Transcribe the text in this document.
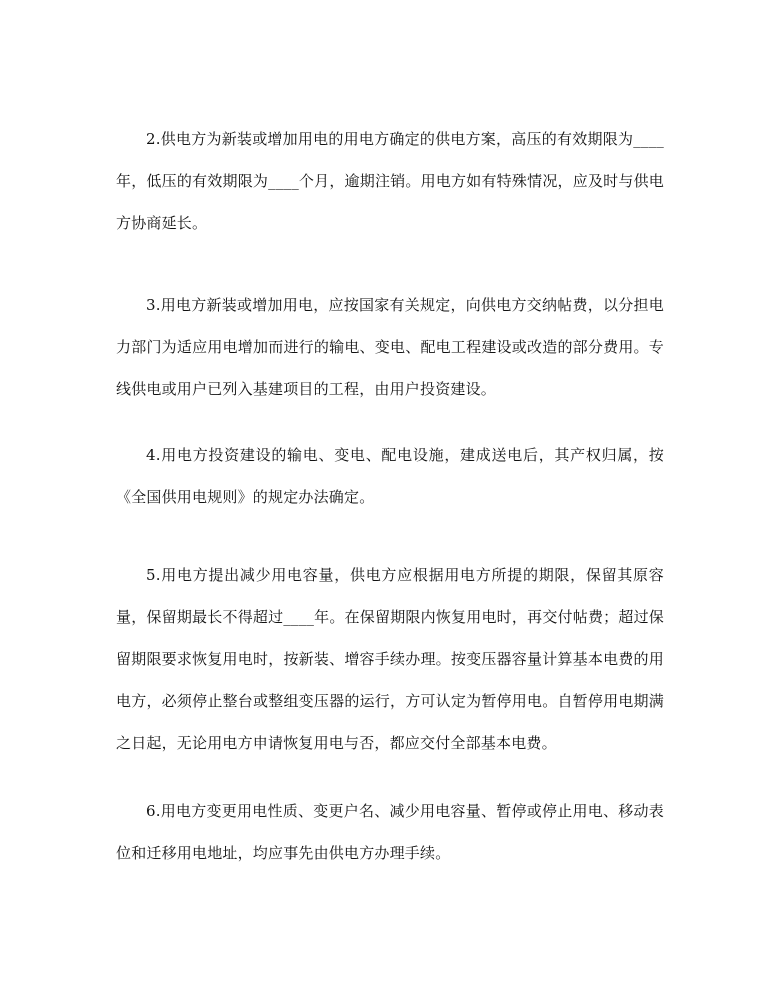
2.供电方为新装或增加用电的用电方确定的供电方案，高压的有效期限为____年，低压的有效期限为____个月，逾期注销。用电方如有特殊情况，应及时与供电方协商延长。

3.用电方新装或增加用电，应按国家有关规定，向供电方交纳帖费，以分担电力部门为适应用电增加而进行的输电、变电、配电工程建设或改造的部分费用。专线供电或用户已列入基建项目的工程，由用户投资建设。

4.用电方投资建设的输电、变电、配电设施，建成送电后，其产权归属，按《全国供用电规则》的规定办法确定。

5.用电方提出减少用电容量，供电方应根据用电方所提的期限，保留其原容量，保留期最长不得超过____年。在保留期限内恢复用电时，再交付帖费；超过保留期限要求恢复用电时，按新装、增容手续办理。按变压器容量计算基本电费的用电方，必须停止整台或整组变压器的运行，方可认定为暂停用电。自暂停用电期满之日起，无论用电方申请恢复用电与否，都应交付全部基本电费。

6.用电方变更用电性质、变更户名、减少用电容量、暂停或停止用电、移动表位和迁移用电地址，均应事先由供电方办理手续。
